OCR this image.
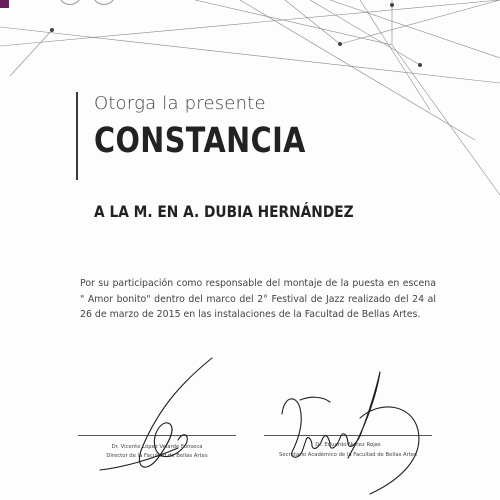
Otorga la presente
CONSTANCIA
A LA M. EN A. DUBIA HERNÁNDEZ
Por su participación como responsable del montaje de la puesta en escena " Amor bonito" dentro del marco del 2° Festival de Jazz realizado del 24 al 26 de marzo de 2015 en las instalaciones de la Facultad de Bellas Artes.
Dr. Vicente López Velarde Fonseca
Director de la Facultad de Bellas Artes
Dr. Eduardo Núñez Rojas
Secretario Académico de la Facultad de Bellas Artes
